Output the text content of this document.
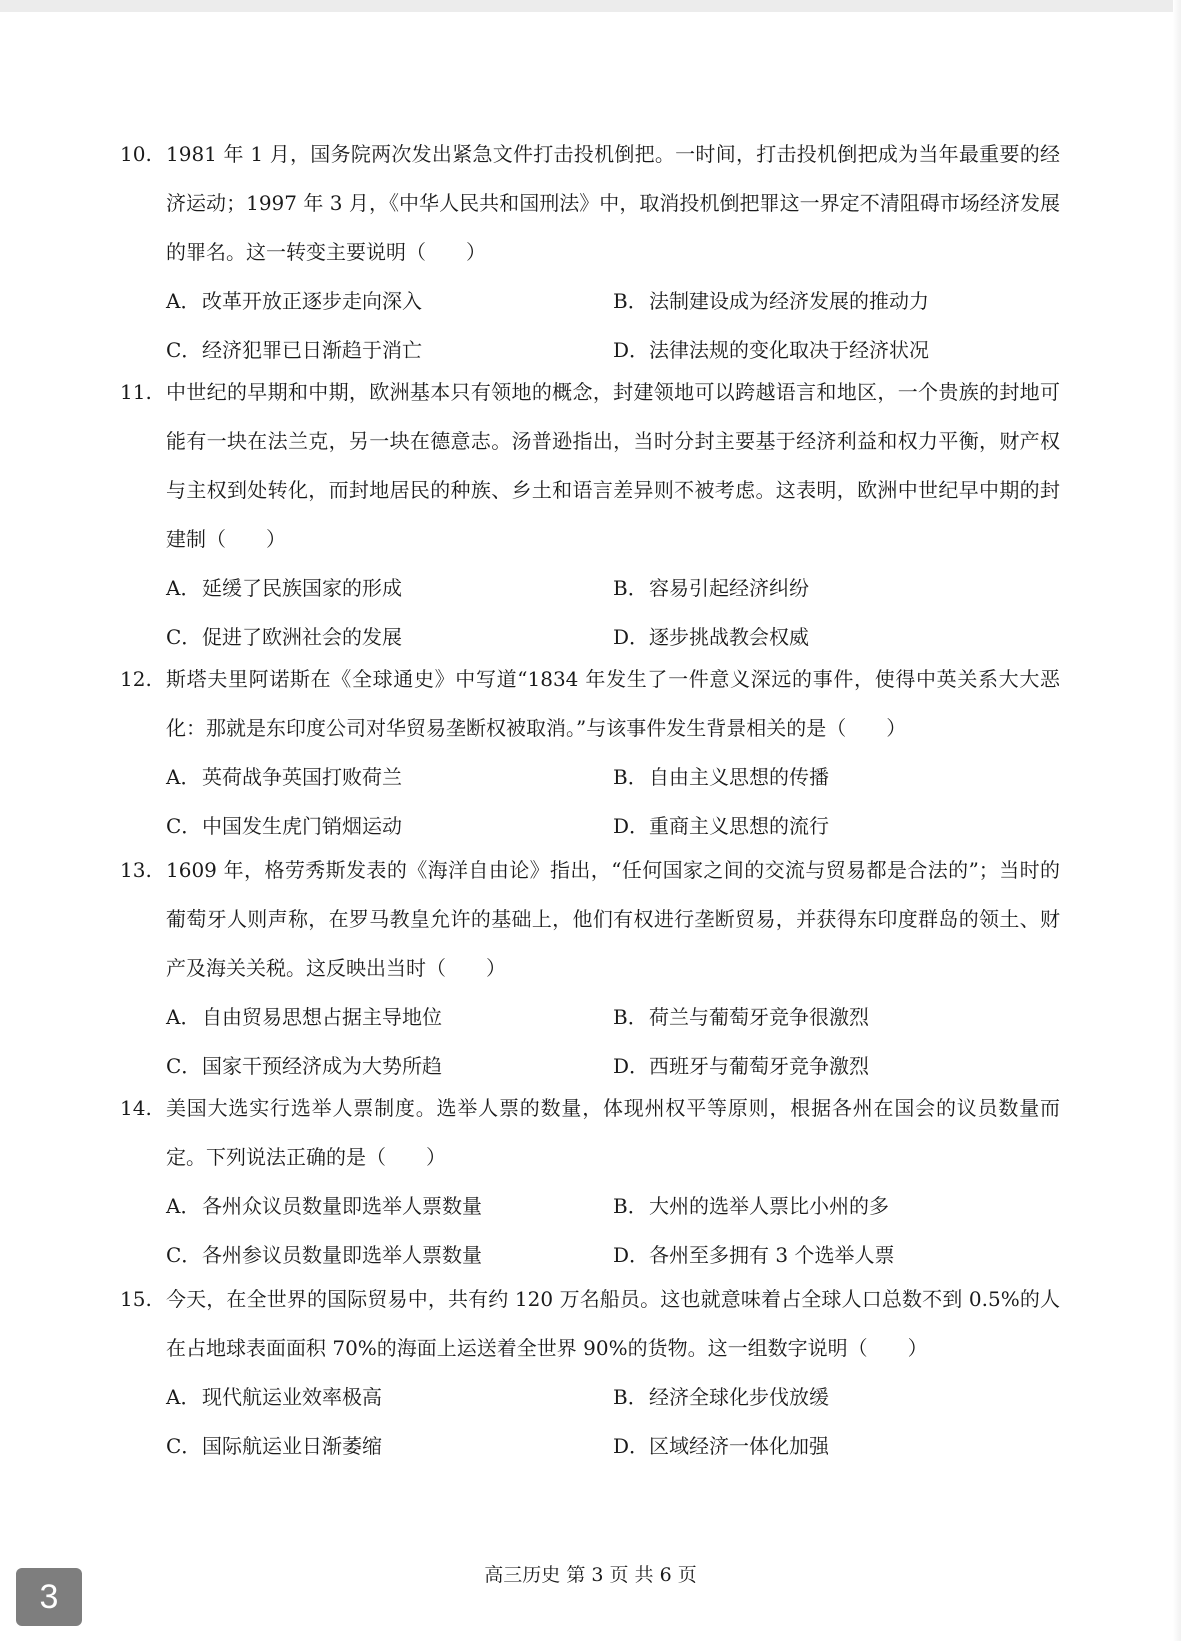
10. 1981 年 1 月，国务院两次发出紧急文件打击投机倒把。一时间，打击投机倒把成为当年最重要的经济运动；1997 年 3 月，《中华人民共和国刑法》中，取消投机倒把罪这一界定不清阻碍市场经济发展的罪名。这一转变主要说明（　　）

A． 改革开放正逐步走向深入	B． 法制建设成为经济发展的推动力
C． 经济犯罪已日渐趋于消亡	D． 法律法规的变化取决于经济状况

11. 中世纪的早期和中期，欧洲基本只有领地的概念，封建领地可以跨越语言和地区，一个贵族的封地可能有一块在法兰克，另一块在德意志。汤普逊指出，当时分封主要基于经济利益和权力平衡，财产权与主权到处转化，而封地居民的种族、乡土和语言差异则不被考虑。这表明，欧洲中世纪早中期的封建制（　　）

A． 延缓了民族国家的形成	B． 容易引起经济纠纷
C． 促进了欧洲社会的发展	D． 逐步挑战教会权威

12. 斯塔夫里阿诺斯在《全球通史》中写道“1834 年发生了一件意义深远的事件，使得中英关系大大恶化：那就是东印度公司对华贸易垄断权被取消。”与该事件发生背景相关的是（　　）

A． 英荷战争英国打败荷兰	B． 自由主义思想的传播
C． 中国发生虎门销烟运动	D． 重商主义思想的流行

13. 1609 年，格劳秀斯发表的《海洋自由论》指出，“任何国家之间的交流与贸易都是合法的”；当时的葡萄牙人则声称，在罗马教皇允许的基础上，他们有权进行垄断贸易，并获得东印度群岛的领土、财产及海关关税。这反映出当时（　　）

A． 自由贸易思想占据主导地位	B． 荷兰与葡萄牙竞争很激烈
C． 国家干预经济成为大势所趋	D． 西班牙与葡萄牙竞争激烈

14. 美国大选实行选举人票制度。选举人票的数量，体现州权平等原则，根据各州在国会的议员数量而定。下列说法正确的是（　　）

A． 各州众议员数量即选举人票数量	B． 大州的选举人票比小州的多
C． 各州参议员数量即选举人票数量	D． 各州至多拥有 3 个选举人票

15. 今天，在全世界的国际贸易中，共有约 120 万名船员。这也就意味着占全球人口总数不到 0.5%的人在占地球表面面积 70%的海面上运送着全世界 90%的货物。这一组数字说明（　　）

A． 现代航运业效率极高	B． 经济全球化步伐放缓
C． 国际航运业日渐萎缩	D． 区域经济一体化加强
高三历史 第 3 页 共 6 页
3
